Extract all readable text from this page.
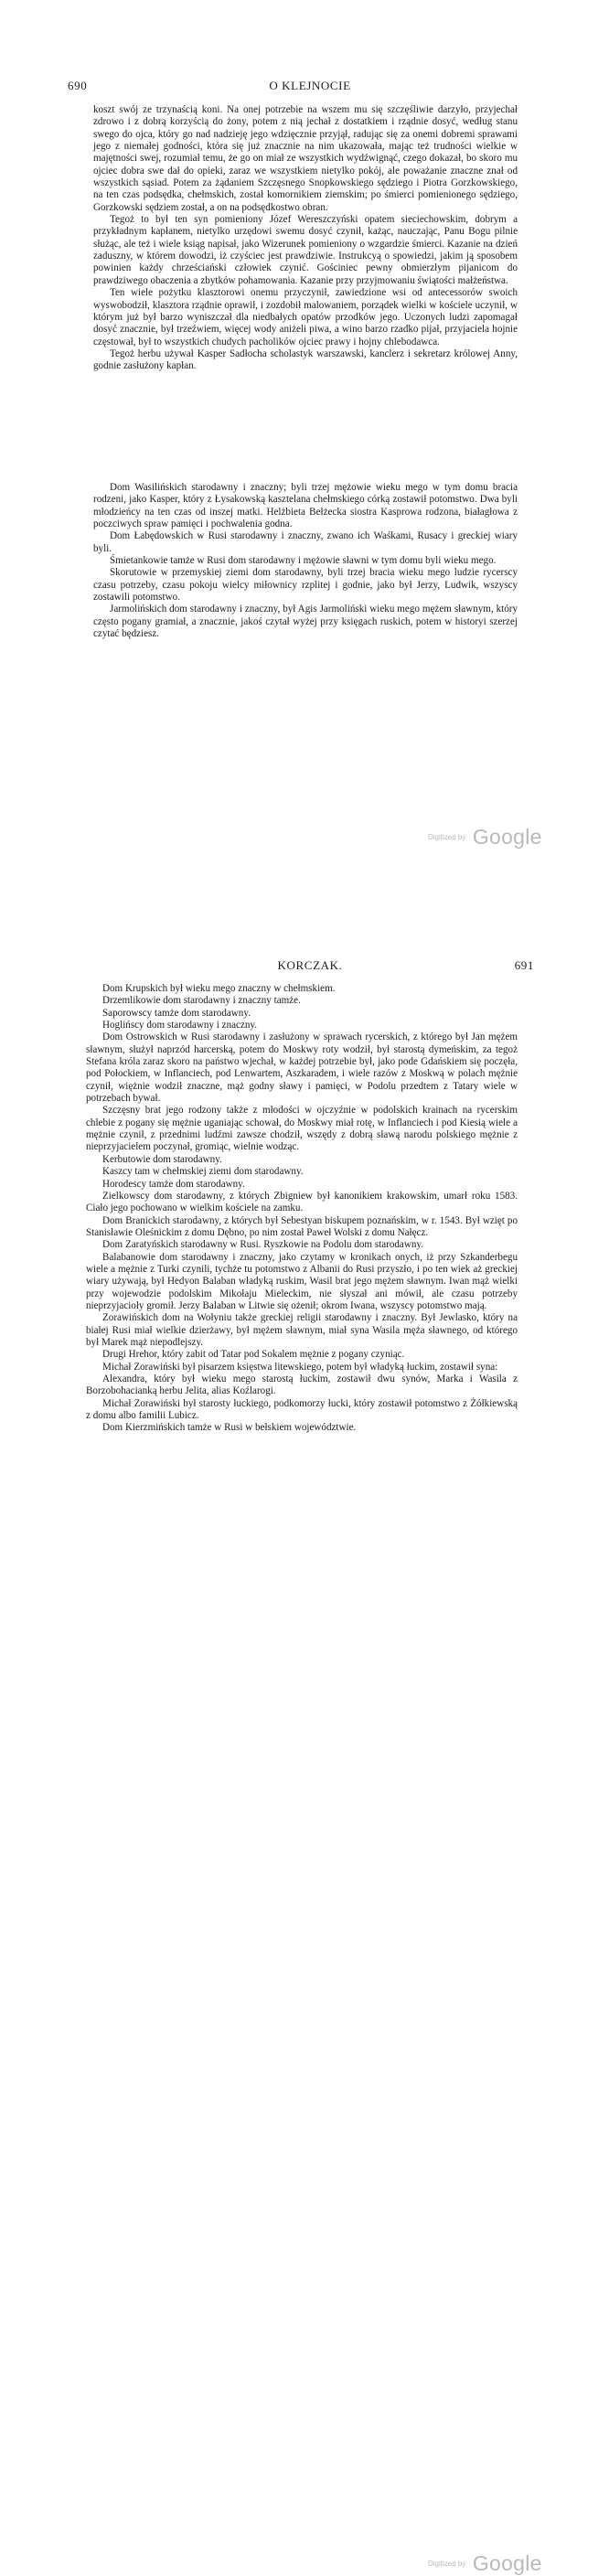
690	O KLEJNOCIE

koszt swój ze trzynaścią koni. Na onej potrzebie na wszem mu się szczęśliwie darzyło, przyjechał zdrowo i z dobrą korzyścią do żony, potem z nią jechał z dostatkiem i rządnie dosyć, według stanu swego do ojca, który go nad nadzieję jego wdzięcznie przyjął, radując się za onemi dobremi sprawami jego z niemałej godności, która się już znacznie na nim ukazowała, mając też trudności wielkie w majętności swej, rozumiał temu, że go on miał ze wszystkich wydźwignąć, czego dokazał, bo skoro mu ojciec dobra swe dał do opieki, zaraz we wszystkiem nietylko pokój, ale poważanie znaczne znał od wszystkich sąsiad. Potem za żądaniem Szczęsnego Snopkowskiego sędziego i Piotra Gorzkowskiego, na ten czas podsędka, chełmskich, został komornikiem ziemskim; po śmierci pomienionego sędziego, Gorzkowski sędziem został, a on na podsędkostwo obran.

Tegoż to był ten syn pomieniony Józef Wereszczyński opatem sieciechowskim, dobrym a przykładnym kapłanem, nietylko urzędowi swemu dosyć czynił, każąc, nauczając, Panu Bogu pilnie służąc, ale też i wiele ksiąg napisał, jako Wizerunek pomieniony o wzgardzie śmierci. Kazanie na dzień zaduszny, w którem dowodzi, iż czyściec jest prawdziwie. Instrukcyą o spowiedzi, jakim ją sposobem powinien każdy chrześciański człowiek czynić. Gościniec pewny obmierzłym pijanicom do prawdziwego obaczenia a zbytków pohamowania. Kazanie przy przyjmowaniu świątości małżeństwa.

Ten wiele pożytku klasztorowi onemu przyczynił, zawiedzione wsi od antecessorów swoich wyswobodził, klasztora rządnie oprawił, i zozdobił malowaniem, porządek wielki w kościele uczynił, w którym już był barzo wyniszczał dla niedbałych opatów przodków jego. Uczonych ludzi zapomagał dosyć znacznie, był trzeźwiem, więcej wody aniżeli piwa, a wino barzo rzadko pijał, przyjaciela hojnie częstował, był to wszystkich chudych pacholików ojciec prawy i hojny chlebodawca.

Tegoż herbu używał Kasper Sadłocha scholastyk warszawski, kanclerz i sekretarz królowej Anny, godnie zasłużony kapłan.

Dom Wasilińskich starodawny i znaczny; byli trzej mężowie wieku mego w tym domu bracia rodzeni, jako Kasper, który z Łysakowską kasztelana chełmskiego córką zostawił potomstwo. Dwa byli młodzieńcy na ten czas od inszej matki. Helżbieta Bełżecka siostra Kasprowa rodzona, białagłowa z poczciwych spraw pamięci i pochwalenia godna.

Dom Łabędowskich w Rusi starodawny i znaczny, zwano ich Waśkami, Rusacy i greckiej wiary byli.

Śmietankowie tamże w Rusi dom starodawny i mężowie sławni w tym domu byli wieku mego.

Skorutowie w przemyskiej ziemi dom starodawny, byli trzej bracia wieku mego ludzie rycerscy czasu potrzeby, czasu pokoju wielcy miłownicy rzplitej i godnie, jako był Jerzy, Ludwik, wszyscy zostawili potomstwo.

Jarmolińskich dom starodawny i znaczny, był Agis Jarmoliński wieku mego mężem sławnym, który często pogany gramiał, a znacznie, jakoś czytał wyżej przy księgach ruskich, potem w historyi szerzej czytać będziesz.

Digitized by Google
KORCZAK.	691

Dom Krupskich był wieku mego znaczny w chełmskiem.

Drzemlikowie dom starodawny i znaczny tamże.

Saporowscy tamże dom starodawny.

Hoglińscy dom starodawny i znaczny.

Dom Ostrowskich w Rusi starodawny i zasłużony w sprawach rycerskich, z którego był Jan mężem sławnym, służył naprzód harcerską, potem do Moskwy roty wodził, był starostą dymeńskim, za tegoż Stefana króla zaraz skoro na państwo wjechał, w każdej potrzebie był, jako pode Gdańskiem się poczęła, pod Połockiem, w Inflanciech, pod Lenwartem, Aszkaradem, i wiele razów z Moskwą w polach mężnie czynił, więżnie wodził znaczne, mąż godny sławy i pamięci, w Podolu przedtem z Tatary wiele w potrzebach bywał.

Szczęsny brat jego rodzony także z młodości w ojczyźnie w podolskich krainach na rycerskim chlebie z pogany się mężnie uganiając schował, do Moskwy miał rotę, w Inflanciech i pod Kiesią wiele a mężnie czynił, z przednimi ludźmi zawsze chodził, wszędy z dobrą sławą narodu polskiego mężnie z nieprzyjacielem poczynał, gromiąc, wielnie wodząc.

Kerbutowie dom starodawny.

Kaszcy tam w chełmskiej ziemi dom starodawny.

Horodescy tamże dom starodawny.

Zielkowscy dom starodawny, z których Zbigniew był kanonikiem krakowskim, umarł roku 1583. Ciało jego pochowano w wielkim kościele na zamku.

Dom Branickich starodawny, z których był Sebestyan biskupem poznańskim, w r. 1543. Był wzięt po Stanisławie Oleśnickim z domu Dębno, po nim został Paweł Wolski z domu Nałęcz.

Dom Zaratyńskich starodawny w Rusi. Ryszkowie na Podolu dom starodawny.

Balabanowie dom starodawny i znaczny, jako czytamy w kronikach onych, iż przy Szkanderbegu wiele a mężnie z Turki czynili, tychże tu potomstwo z Albanii do Rusi przyszło, i po ten wiek aż greckiej wiary używają, był Hedyon Balaban władyką ruskim, Wasil brat jego mężem sławnym. Iwan mąż wielki przy wojewodzie podolskim Mikołaju Mieleckim, nie słyszał ani mówił, ale czasu potrzeby nieprzyjacioły gromił. Jerzy Balaban w Litwie się ożenił; okrom Iwana, wszyscy potomstwo mają.

Zorawińskich dom na Wołyniu także greckiej religii starodawny i znaczny. Był Jewlasko, który na białej Rusi miał wielkie dzierżawy, był mężem sławnym, miał syna Wasila męża sławnego, od którego był Marek mąż niepodlejszy.

Drugi Hrehor, który zabit od Tatar pod Sokalem mężnie z pogany czyniąc.

Michał Zorawiński był pisarzem księstwa litewskiego, potem był władyką łuckim, zostawił syna:

Alexandra, który był wieku mego starostą łuckim, zostawił dwu synów, Marka i Wasila z Borzobohacianką herbu Jelita, alias Koźlarogi.

Michał Zorawiński był starosty łuckiego, podkomorzy łucki, który zostawił potomstwo z Żółkiewską z domu albo familii Lubicz.

Dom Kierzmińskich tamże w Rusi w bełskiem województwie.

Digitized by Google
